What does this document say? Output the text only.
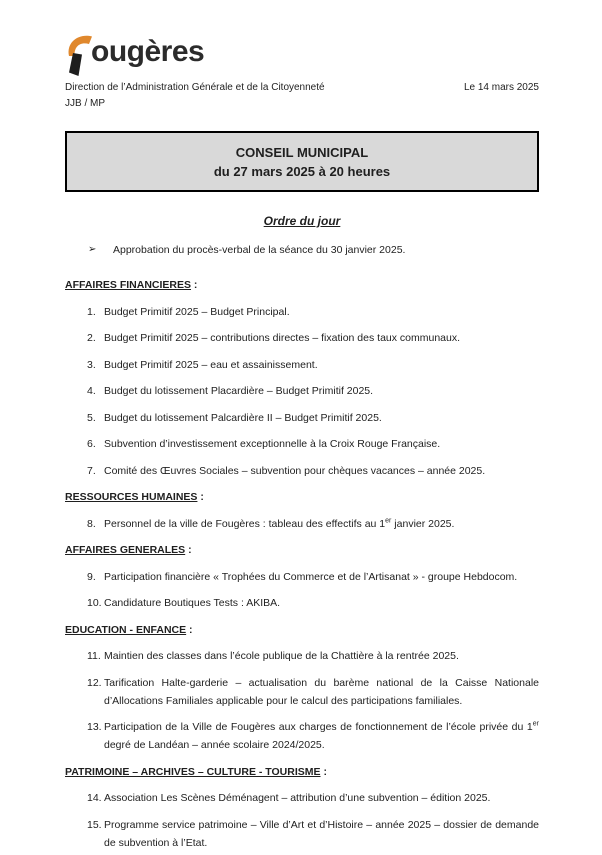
ougères
Direction de l’Administration Générale et de la Citoyenneté
JJB / MP
Le 14 mars 2025
CONSEIL MUNICIPAL
du 27 mars 2025 à 20 heures
Ordre du jour
➢	Approbation du procès-verbal de la séance du 30 janvier 2025.
AFFAIRES FINANCIERES :
1. Budget Primitif 2025 – Budget Principal.
2. Budget Primitif 2025 – contributions directes – fixation des taux communaux.
3. Budget Primitif 2025 – eau et assainissement.
4. Budget du lotissement Placardière – Budget Primitif 2025.
5. Budget du lotissement Palcardière II – Budget Primitif 2025.
6. Subvention d’investissement exceptionnelle à la Croix Rouge Française.
7. Comité des Œuvres Sociales – subvention pour chèques vacances – année 2025.
RESSOURCES HUMAINES :
8. Personnel de la ville de Fougères : tableau des effectifs au 1er janvier 2025.
AFFAIRES GENERALES :
9. Participation financière « Trophées du Commerce et de l’Artisanat » - groupe Hebdocom.
10. Candidature Boutiques Tests : AKIBA.
EDUCATION - ENFANCE :
11. Maintien des classes dans l’école publique de la Chattière à la rentrée 2025.
12. Tarification Halte-garderie – actualisation du barème national de la Caisse Nationale d’Allocations Familiales applicable pour le calcul des participations familiales.
13. Participation de la Ville de Fougères aux charges de fonctionnement de l’école privée du 1er degré de Landéan – année scolaire 2024/2025.
PATRIMOINE – ARCHIVES – CULTURE - TOURISME :
14. Association Les Scènes Déménagent – attribution d’une subvention – édition 2025.
15. Programme service patrimoine – Ville d’Art et d’Histoire – année 2025 – dossier de demande de subvention à l’Etat.
